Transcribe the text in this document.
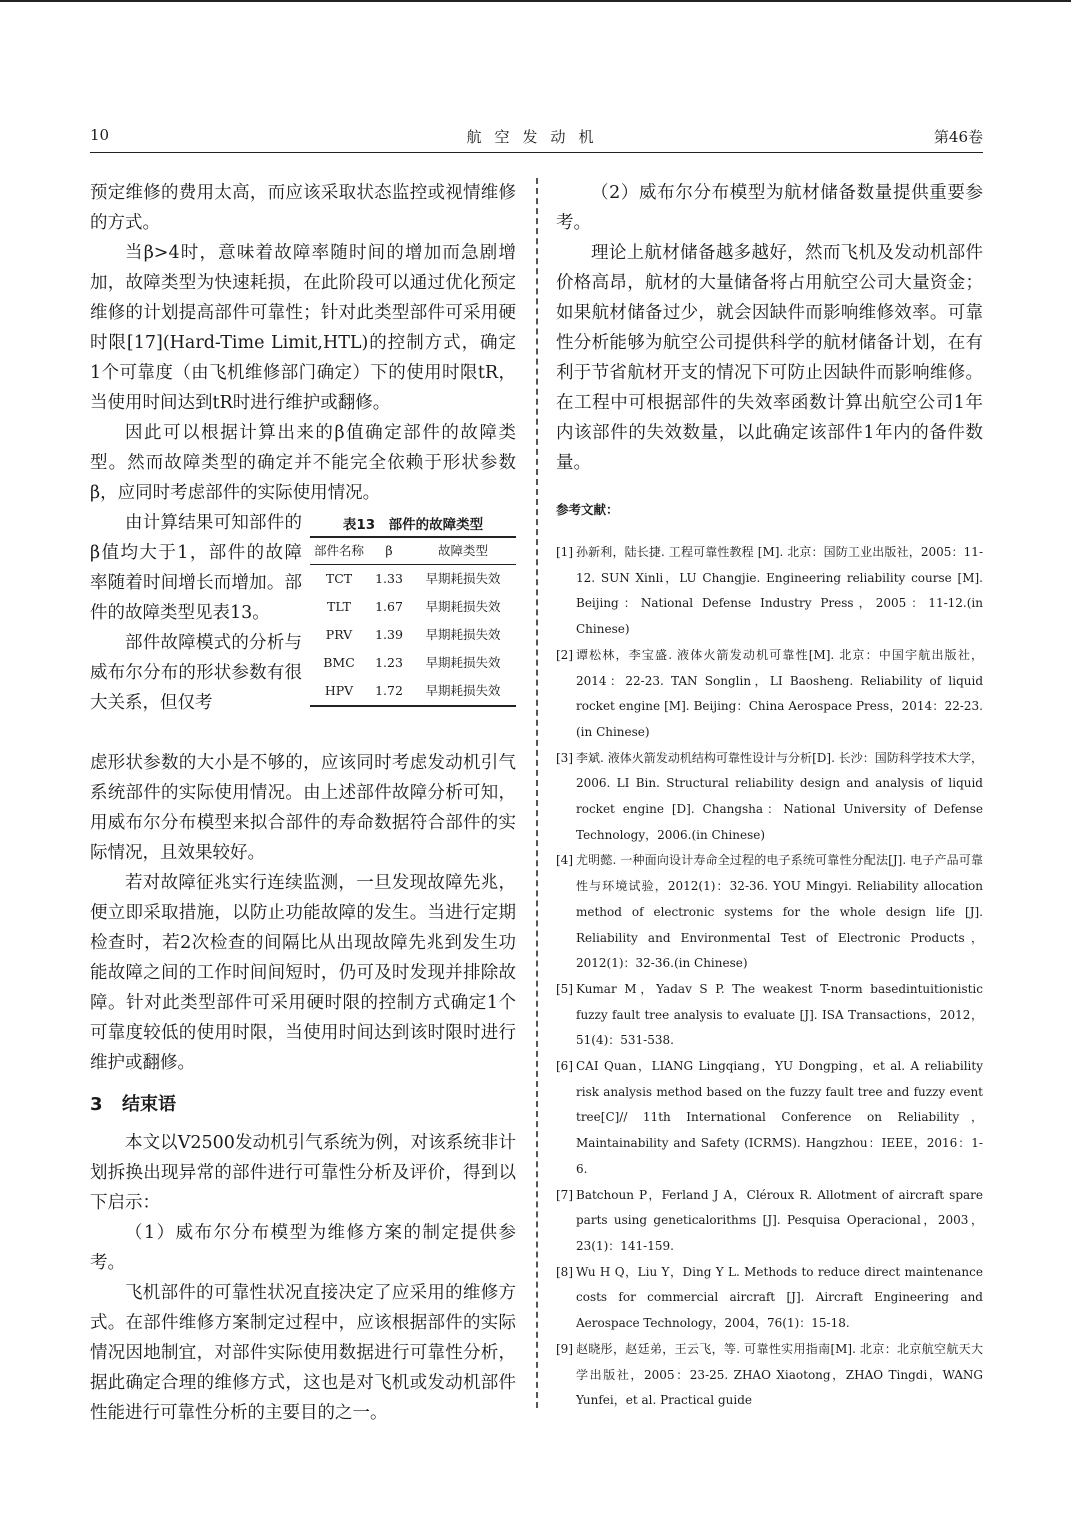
10	航空发动机	第46卷

预定维修的费用太高，而应该采取状态监控或视情维修的方式。

当β>4时，意味着故障率随时间的增加而急剧增加，故障类型为快速耗损，在此阶段可以通过优化预定维修的计划提高部件可靠性；针对此类型部件可采用硬时限[17](Hard-Time Limit,HTL)的控制方式，确定1个可靠度（由飞机维修部门确定）下的使用时限tR，当使用时间达到tR时进行维护或翻修。

因此可以根据计算出来的β值确定部件的故障类型。然而故障类型的确定并不能完全依赖于形状参数β，应同时考虑部件的实际使用情况。

由计算结果可知部件的β值均大于1，部件的故障率随着时间增长而增加。部件的故障类型见表13。

部件故障模式的分析与威布尔分布的形状参数有很大关系，但仅考

表13　部件的故障类型
部件名称	β	故障类型
TCT	1.33	早期耗损失效
TLT	1.67	早期耗损失效
PRV	1.39	早期耗损失效
BMC	1.23	早期耗损失效
HPV	1.72	早期耗损失效

虑形状参数的大小是不够的，应该同时考虑发动机引气系统部件的实际使用情况。由上述部件故障分析可知，用威布尔分布模型来拟合部件的寿命数据符合部件的实际情况，且效果较好。

若对故障征兆实行连续监测，一旦发现故障先兆，便立即采取措施，以防止功能故障的发生。当进行定期检查时，若2次检查的间隔比从出现故障先兆到发生功能故障之间的工作时间间短时，仍可及时发现并排除故障。针对此类型部件可采用硬时限的控制方式确定1个可靠度较低的使用时限，当使用时间达到该时限时进行维护或翻修。

3 结束语

本文以V2500发动机引气系统为例，对该系统非计划拆换出现异常的部件进行可靠性分析及评价，得到以下启示：

（1）威布尔分布模型为维修方案的制定提供参考。

飞机部件的可靠性状况直接决定了应采用的维修方式。在部件维修方案制定过程中，应该根据部件的实际情况因地制宜，对部件实际使用数据进行可靠性分析，据此确定合理的维修方式，这也是对飞机或发动机部件性能进行可靠性分析的主要目的之一。

（2）威布尔分布模型为航材储备数量提供重要参考。

理论上航材储备越多越好，然而飞机及发动机部件价格高昂，航材的大量储备将占用航空公司大量资金；如果航材储备过少，就会因缺件而影响维修效率。可靠性分析能够为航空公司提供科学的航材储备计划，在有利于节省航材开支的情况下可防止因缺件而影响维修。在工程中可根据部件的失效率函数计算出航空公司1年内该部件的失效数量，以此确定该部件1年内的备件数量。

参考文献：
[1] 孙新利，陆长捷. 工程可靠性教程 [M]. 北京：国防工业出版社，2005：11-12. SUN Xinli，LU Changjie. Engineering reliability course [M]. Beijing：National Defense Industry Press，2005：11-12.(in Chinese)
[2] 谭松林，李宝盛. 液体火箭发动机可靠性[M]. 北京：中国宇航出版社，2014：22-23. TAN Songlin，LI Baosheng. Reliability of liquid rocket engine [M]. Beijing：China Aerospace Press，2014：22-23.(in Chinese)
[3] 李斌. 液体火箭发动机结构可靠性设计与分析[D]. 长沙：国防科学技术大学，2006. LI Bin. Structural reliability design and analysis of liquid rocket engine [D]. Changsha：National University of Defense Technology，2006.(in Chinese)
[4] 尤明懿. 一种面向设计寿命全过程的电子系统可靠性分配法[J]. 电子产品可靠性与环境试验，2012(1)：32-36. YOU Mingyi. Reliability allocation method of electronic systems for the whole design life [J]. Reliability and Environmental Test of Electronic Products，2012(1)：32-36.(in Chinese)
[5] Kumar M，Yadav S P. The weakest T-norm basedintuitionistic fuzzy fault tree analysis to evaluate [J]. ISA Transactions，2012，51(4)：531-538.
[6] CAI Quan，LIANG Lingqiang，YU Dongping，et al. A reliability risk analysis method based on the fuzzy fault tree and fuzzy event tree[C]// 11th International Conference on Reliability，Maintainability and Safety (ICRMS). Hangzhou：IEEE，2016：1-6.
[7] Batchoun P，Ferland J A，Cléroux R. Allotment of aircraft spare parts using geneticalorithms [J]. Pesquisa Operacional，2003，23(1)：141-159.
[8] Wu H Q，Liu Y，Ding Y L. Methods to reduce direct maintenance costs for commercial aircraft [J]. Aircraft Engineering and Aerospace Technology，2004，76(1)：15-18.
[9] 赵晓彤，赵廷弟，王云飞，等. 可靠性实用指南[M]. 北京：北京航空航天大学出版社，2005：23-25. ZHAO Xiaotong，ZHAO Tingdi，WANG Yunfei，et al. Practical guide
